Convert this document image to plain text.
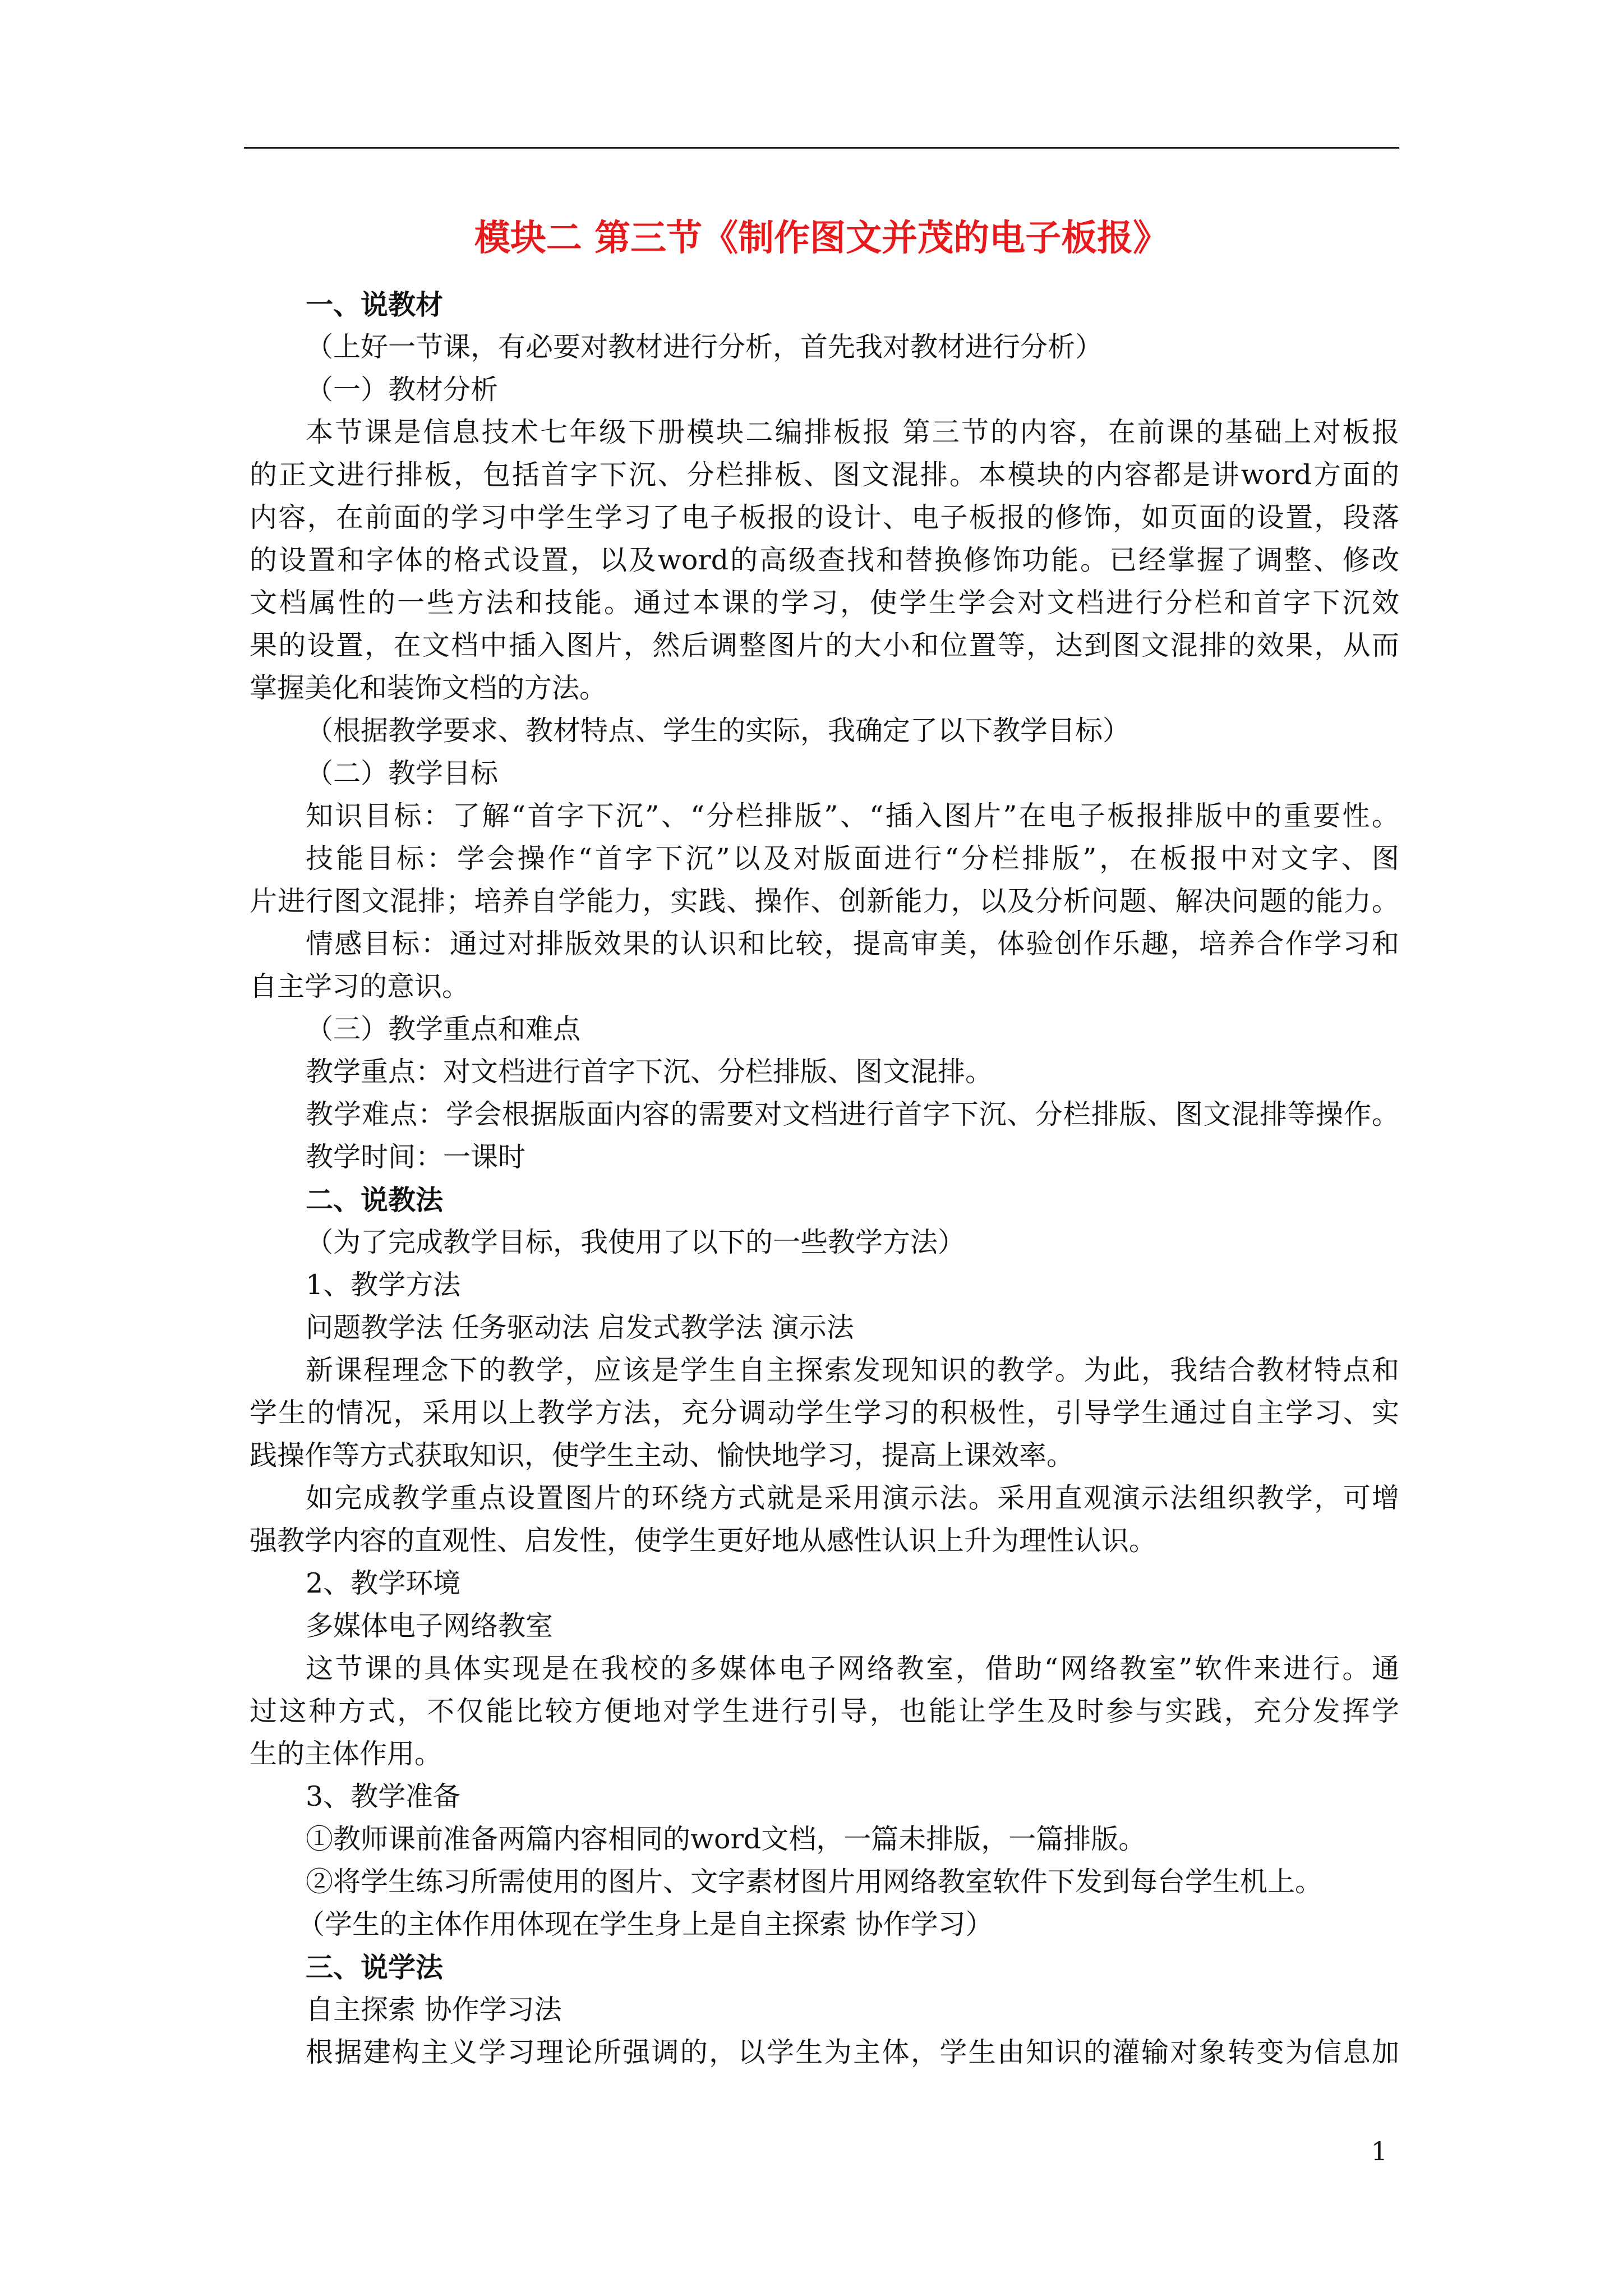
模块二 第三节《制作图文并茂的电子板报》
一、说教材
（上好一节课，有必要对教材进行分析，首先我对教材进行分析）
（一）教材分析
本节课是信息技术七年级下册模块二编排板报 第三节的内容，在前课的基础上对板报
的正文进行排板，包括首字下沉、分栏排板、图文混排。本模块的内容都是讲word方面的
内容，在前面的学习中学生学习了电子板报的设计、电子板报的修饰，如页面的设置，段落
的设置和字体的格式设置，以及word的高级查找和替换修饰功能。已经掌握了调整、修改
文档属性的一些方法和技能。通过本课的学习，使学生学会对文档进行分栏和首字下沉效
果的设置，在文档中插入图片，然后调整图片的大小和位置等，达到图文混排的效果，从而
掌握美化和装饰文档的方法。
（根据教学要求、教材特点、学生的实际，我确定了以下教学目标）
（二）教学目标
知识目标：了解“首字下沉”、“分栏排版”、“插入图片”在电子板报排版中的重要性。
技能目标：学会操作“首字下沉”以及对版面进行“分栏排版”，在板报中对文字、图
片进行图文混排；培养自学能力，实践、操作、创新能力，以及分析问题、解决问题的能力。
情感目标：通过对排版效果的认识和比较，提高审美，体验创作乐趣，培养合作学习和
自主学习的意识。
（三）教学重点和难点
教学重点：对文档进行首字下沉、分栏排版、图文混排。
教学难点：学会根据版面内容的需要对文档进行首字下沉、分栏排版、图文混排等操作。
教学时间：一课时
二、说教法
（为了完成教学目标，我使用了以下的一些教学方法）
1、教学方法
问题教学法 任务驱动法 启发式教学法 演示法
新课程理念下的教学，应该是学生自主探索发现知识的教学。为此，我结合教材特点和
学生的情况，采用以上教学方法，充分调动学生学习的积极性，引导学生通过自主学习、实
践操作等方式获取知识，使学生主动、愉快地学习，提高上课效率。
如完成教学重点设置图片的环绕方式就是采用演示法。采用直观演示法组织教学，可增
强教学内容的直观性、启发性，使学生更好地从感性认识上升为理性认识。
2、教学环境
多媒体电子网络教室
这节课的具体实现是在我校的多媒体电子网络教室，借助“网络教室”软件来进行。通
过这种方式，不仅能比较方便地对学生进行引导，也能让学生及时参与实践，充分发挥学
生的主体作用。
3、教学准备
①教师课前准备两篇内容相同的word文档，一篇未排版，一篇排版。
②将学生练习所需使用的图片、文字素材图片用网络教室软件下发到每台学生机上。
（学生的主体作用体现在学生身上是自主探索 协作学习）
三、说学法
自主探索 协作学习法
根据建构主义学习理论所强调的，以学生为主体，学生由知识的灌输对象转变为信息加
1
